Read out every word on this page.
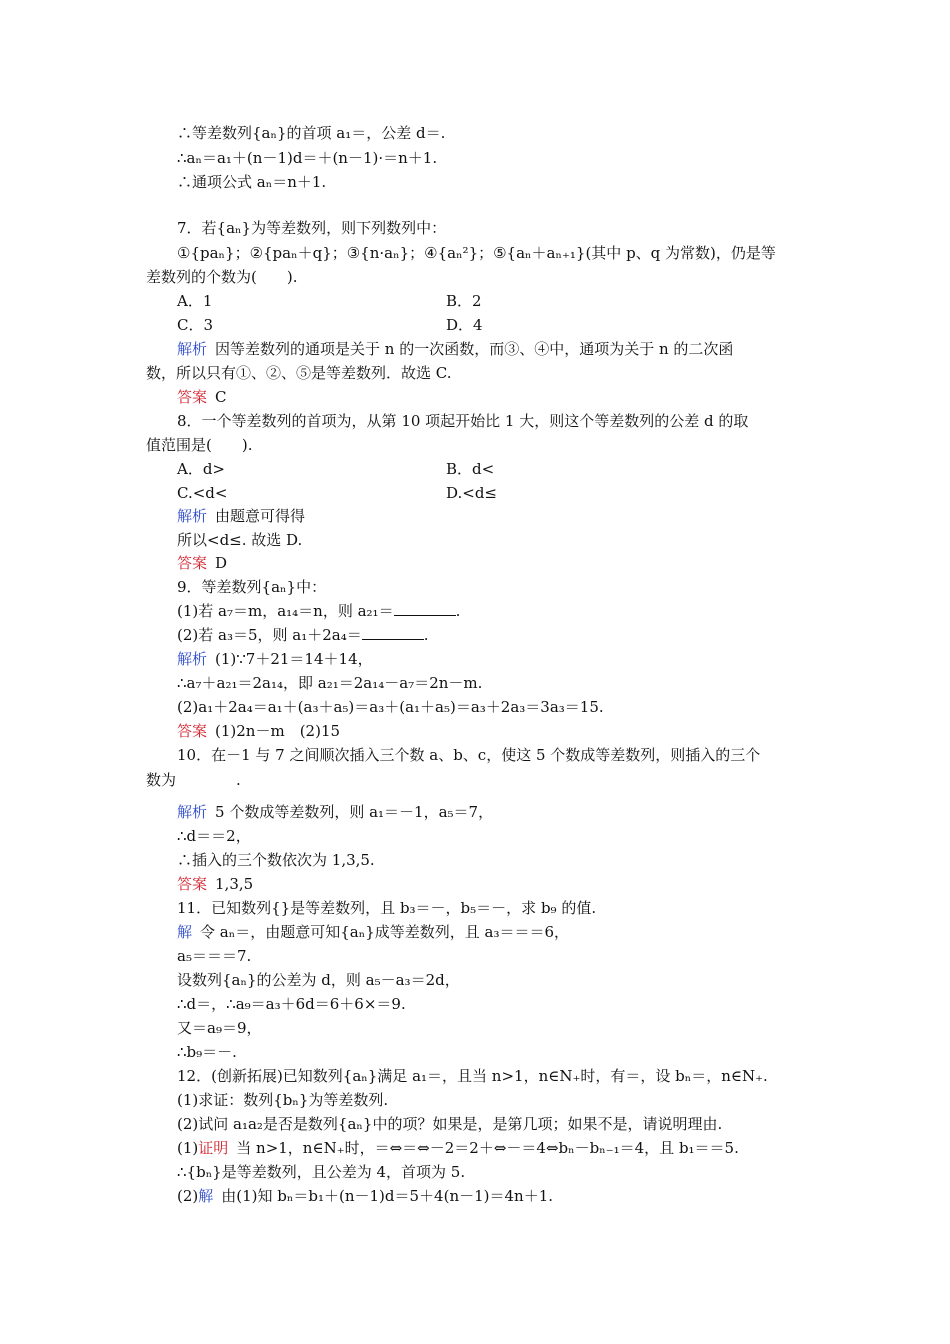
∴等差数列{aₙ}的首项 a₁＝，公差 d＝.
∴aₙ＝a₁＋(n－1)d＝＋(n－1)·＝n＋1.
∴通项公式 aₙ＝n＋1.
7．若{aₙ}为等差数列，则下列数列中：
①{paₙ}；②{paₙ＋q}；③{n·aₙ}；④{aₙ²}；⑤{aₙ＋aₙ₊₁}(其中 p、q 为常数)，仍是等
差数列的个数为(　　).
A．1	B．2
C．3	D．4
解析 因等差数列的通项是关于 n 的一次函数，而③、④中，通项为关于 n 的二次函
数，所以只有①、②、⑤是等差数列．故选 C.
答案 C
8．一个等差数列的首项为，从第 10 项起开始比 1 大，则这个等差数列的公差 d 的取
值范围是(　　).
A．d>	B．d<
C.<d<	D.<d≤
解析 由题意可得得
所以<d≤. 故选 D.
答案 D
9．等差数列{aₙ}中：
(1)若 a₇＝m，a₁₄＝n，则 a₂₁＝	.
(2)若 a₃＝5，则 a₁＋2a₄＝	.
解析 (1)∵7＋21＝14＋14，
∴a₇＋a₂₁＝2a₁₄，即 a₂₁＝2a₁₄－a₇＝2n－m.
(2)a₁＋2a₄＝a₁＋(a₃＋a₅)＝a₃＋(a₁＋a₅)＝a₃＋2a₃＝3a₃＝15.
答案 (1)2n－m　(2)15
10．在－1 与 7 之间顺次插入三个数 a、b、c，使这 5 个数成等差数列，则插入的三个
数为　　　　.
解析 5 个数成等差数列，则 a₁＝－1，a₅＝7，
∴d＝＝2，
∴插入的三个数依次为 1,3,5.
答案 1,3,5
11．已知数列{}是等差数列，且 b₃＝－，b₅＝－，求 b₉ 的值.
解 令 aₙ＝，由题意可知{aₙ}成等差数列，且 a₃＝＝＝6，
a₅＝＝＝7.
设数列{aₙ}的公差为 d，则 a₅－a₃＝2d，
∴d＝，∴a₉＝a₃＋6d＝6＋6×＝9.
又＝a₉＝9，
∴b₉＝－.
12．(创新拓展)已知数列{aₙ}满足 a₁＝，且当 n>1，n∈N₊时，有＝，设 bₙ＝，n∈N₊.
(1)求证：数列{bₙ}为等差数列.
(2)试问 a₁a₂是否是数列{aₙ}中的项？如果是，是第几项；如果不是，请说明理由.
(1)证明 当 n>1，n∈N₊时，＝⇔＝⇔－2＝2＋⇔－＝4⇔bₙ－bₙ₋₁＝4，且 b₁＝＝5.
∴{bₙ}是等差数列，且公差为 4，首项为 5.
(2)解 由(1)知 bₙ＝b₁＋(n－1)d＝5＋4(n－1)＝4n＋1.
